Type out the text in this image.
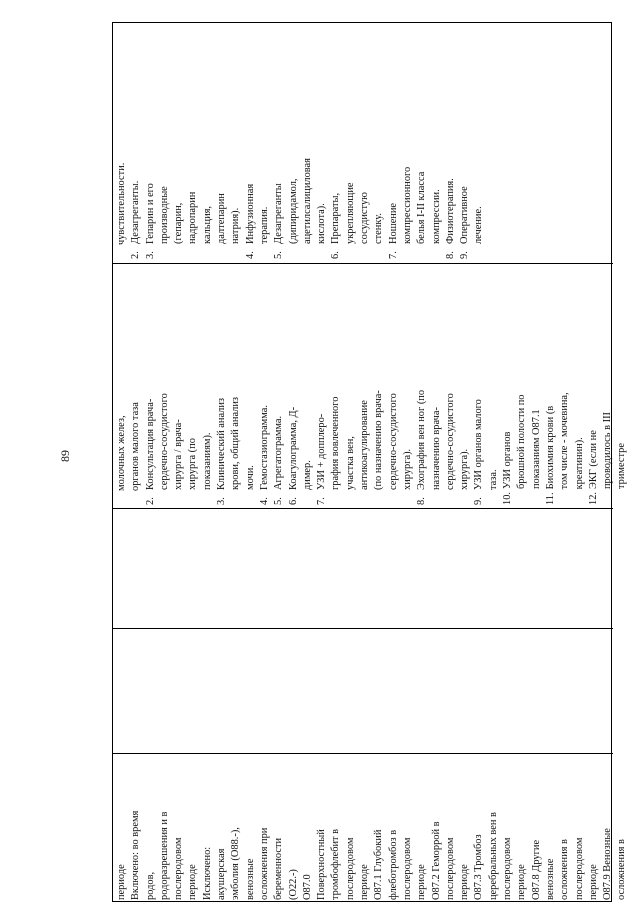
89
периоде
Включено: во время
родов,
родоразрешения и в
послеродовом
периоде
Исключено:
акушерская
эмболия (O88.-),
венозные
осложнения при
беременности
(O22.-)
O87.0
Поверхностный
тромбофлебит в
послеродовом
периоде
O87.1 Глубокий
флеботромбоз в
послеродовом
периоде
O87.2 Геморрой в
послеродовом
периоде
O87.3 Тромбоз
церебральных вен в
послеродовом
периоде
O87.8 Другие
венозные
осложнения в
послеродовом
периоде
O87.9 Венозные
осложнения в
молочных желез,
органов малого таза
2.
Консультация врача-
сердечно-сосудистого
хирурга / врача-
хирурга (по
показаниям).
3.
Клинический анализ
крови, общий анализ
мочи.
4.
Гемостазиограмма.
5.
Агрегатограмма.
6.
Коагулограмма, Д-
димер.
7.
УЗИ + допплеро-
графия вовлеченного
участка вен,
антикоагулирование
(по назначению врача-
сердечно-сосудистого
хирурга).
8.
Эхография вен ног (по
назначению врача-
сердечно-сосудистого
хирурга).
9.
УЗИ органов малого
таза.
10.
УЗИ органов
брюшной полости по
показаниям O87.1
11.
Биохимия крови (в
том числе - мочевина,
креатинин).
12.
ЭКГ (если не
проводилось в III
триместре
чувствительности.
2.
Дезагреганты.
3.
Гепарин и его
производные
(гепарин,
надропарин
кальция,
далтепарин
натрия).
4.
Инфузионная
терапия.
5.
Дезагреганты
(дипиридамол,
ацетилсалициловая
кислота).
6.
Препараты,
укрепляющие
сосудистую
стенку.
7.
Ношение
компрессионного
белья I-II класса
компрессии.
8.
Физиотерапия.
9.
Оперативное
лечение.
